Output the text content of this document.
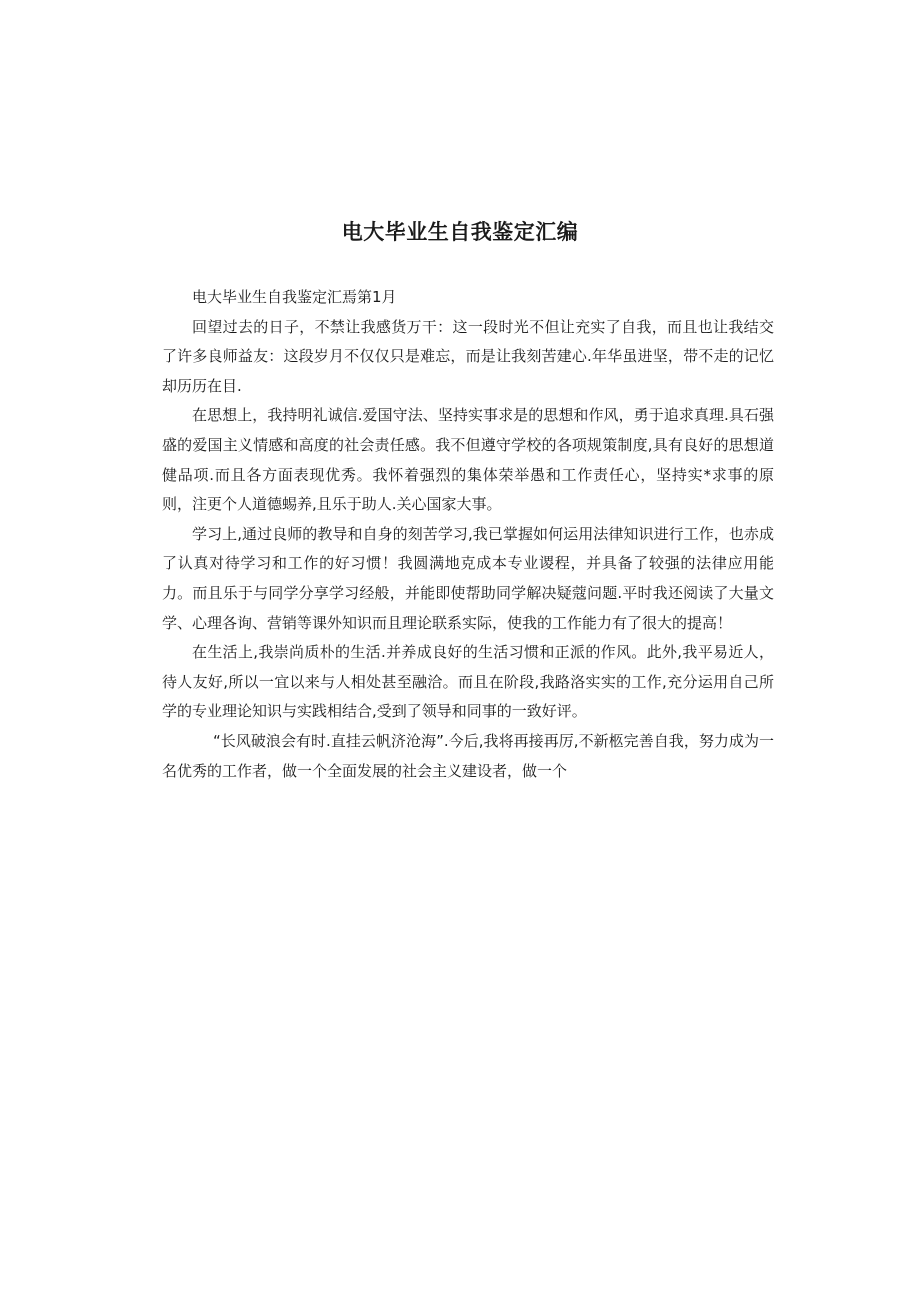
电大毕业生自我鉴定汇编

电大毕业生自我鉴定汇焉第1月

回望过去的日子，不禁让我感货万干：这一段时光不但让充实了自我，而且也让我结交了许多良师益友：这段岁月不仅仅只是难忘，而是让我刻苦建心.年华虽进坚，带不走的记忆却历历在目.

在思想上，我持明礼诚信.爱国守法、坚持实事求是的思想和作风，勇于追求真理.具石强盛的爱国主义情感和高度的社会责任感。我不但遵守学校的各项规策制度,具有良好的思想道健品项.而且各方面表现优秀。我怀着强烈的集体荣举愚和工作责任心，坚持实*求事的原则，注更个人道德蜴养,且乐于助人.关心国家大事。

学习上,通过良师的教导和自身的刻苦学习,我已掌握如何运用法律知识进行工作，也赤成了认真对待学习和工作的好习惯！我圆满地克成本专业谡程，并具备了较强的法律应用能力。而且乐于与同学分享学习经般，并能即使帮助同学解决疑蔻问题.平时我还阅读了大量文学、心理各询、营销等课外知识而且理论联系实际，使我的工作能力有了很大的提高！

在生活上,我崇尚质朴的生活.并养成良好的生活习惯和正派的作风。此外,我平易近人，待人友好,所以一宜以来与人相处甚至融洽。而且在阶段,我路洛实实的工作,充分运用自己所学的专业理论知识与实践相结合,受到了领导和同事的一致好评。

“长风破浪会有时.直挂云帆济沧海”.今后,我将再接再厉,不新柩完善自我，努力成为一名优秀的工作者，做一个全面发展的社会主义建设者，做一个
